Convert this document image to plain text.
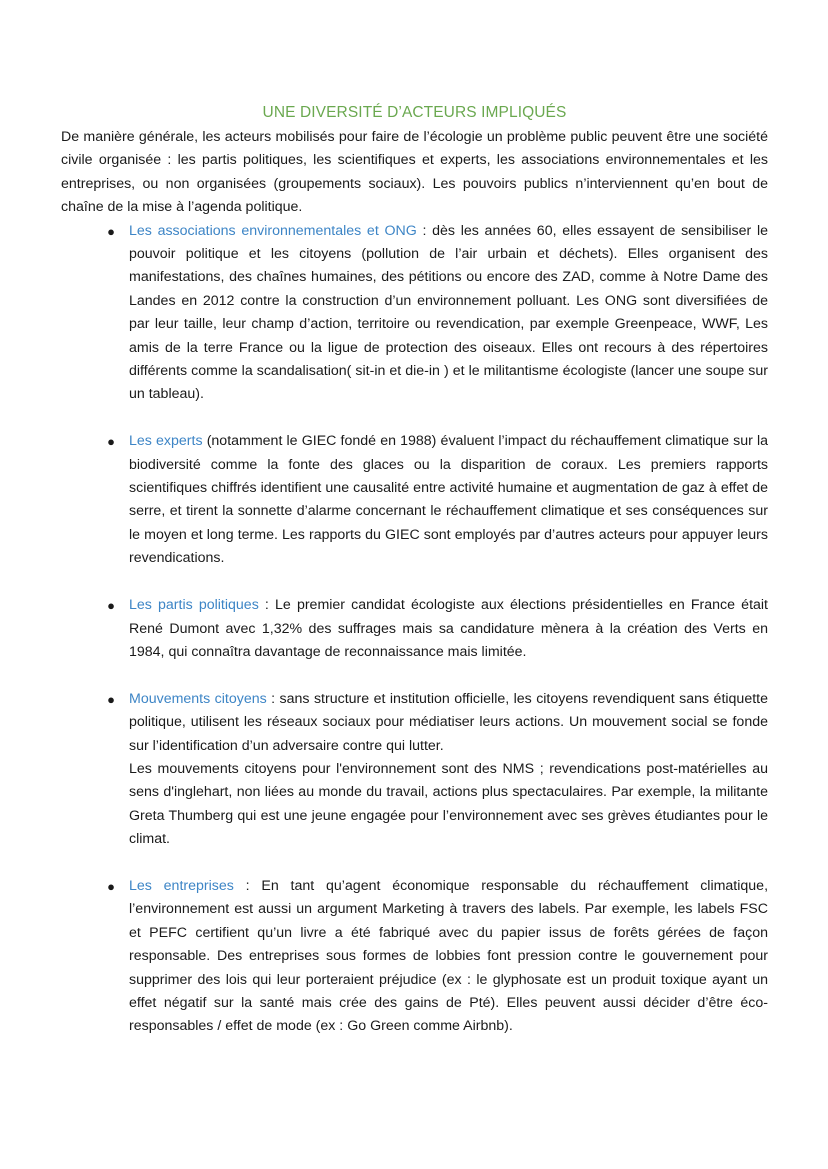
UNE DIVERSITÉ D’ACTEURS IMPLIQUÉS

De manière générale, les acteurs mobilisés pour faire de l’écologie un problème public peuvent être une société civile organisée : les partis politiques, les scientifiques et experts, les associations environnementales et les entreprises, ou non organisées (groupements sociaux). Les pouvoirs publics n’interviennent qu’en bout de chaîne de la mise à l’agenda politique.

● Les associations environnementales et ONG : dès les années 60, elles essayent de sensibiliser le pouvoir politique et les citoyens (pollution de l’air urbain et déchets). Elles organisent des manifestations, des chaînes humaines, des pétitions ou encore des ZAD, comme à Notre Dame des Landes en 2012 contre la construction d’un environnement polluant. Les ONG sont diversifiées de par leur taille, leur champ d’action, territoire ou revendication, par exemple Greenpeace, WWF, Les amis de la terre France ou la ligue de protection des oiseaux. Elles ont recours à des répertoires différents comme la scandalisation( sit-in et die-in ) et le militantisme écologiste (lancer une soupe sur un tableau).
● Les experts (notamment le GIEC fondé en 1988) évaluent l’impact du réchauffement climatique sur la biodiversité comme la fonte des glaces ou la disparition de coraux. Les premiers rapports scientifiques chiffrés identifient une causalité entre activité humaine et augmentation de gaz à effet de serre, et tirent la sonnette d’alarme concernant le réchauffement climatique et ses conséquences sur le moyen et long terme. Les rapports du GIEC sont employés par d’autres acteurs pour appuyer leurs revendications.
● Les partis politiques : Le premier candidat écologiste aux élections présidentielles en France était René Dumont avec 1,32% des suffrages mais sa candidature mènera à la création des Verts en 1984, qui connaîtra davantage de reconnaissance mais limitée.
● Mouvements citoyens : sans structure et institution officielle, les citoyens revendiquent sans étiquette politique, utilisent les réseaux sociaux pour médiatiser leurs actions. Un mouvement social se fonde sur l’identification d’un adversaire contre qui lutter.
Les mouvements citoyens pour l'environnement sont des NMS ; revendications post-matérielles au sens d'inglehart, non liées au monde du travail, actions plus spectaculaires. Par exemple, la militante Greta Thumberg qui est une jeune engagée pour l’environnement avec ses grèves étudiantes pour le climat.
● Les entreprises : En tant qu’agent économique responsable du réchauffement climatique, l’environnement est aussi un argument Marketing à travers des labels. Par exemple, les labels FSC et PEFC certifient qu’un livre a été fabriqué avec du papier issus de forêts gérées de façon responsable. Des entreprises sous formes de lobbies font pression contre le gouvernement pour supprimer des lois qui leur porteraient préjudice (ex : le glyphosate est un produit toxique ayant un effet négatif sur la santé mais crée des gains de Pté). Elles peuvent aussi décider d’être éco-responsables / effet de mode (ex : Go Green comme Airbnb).
